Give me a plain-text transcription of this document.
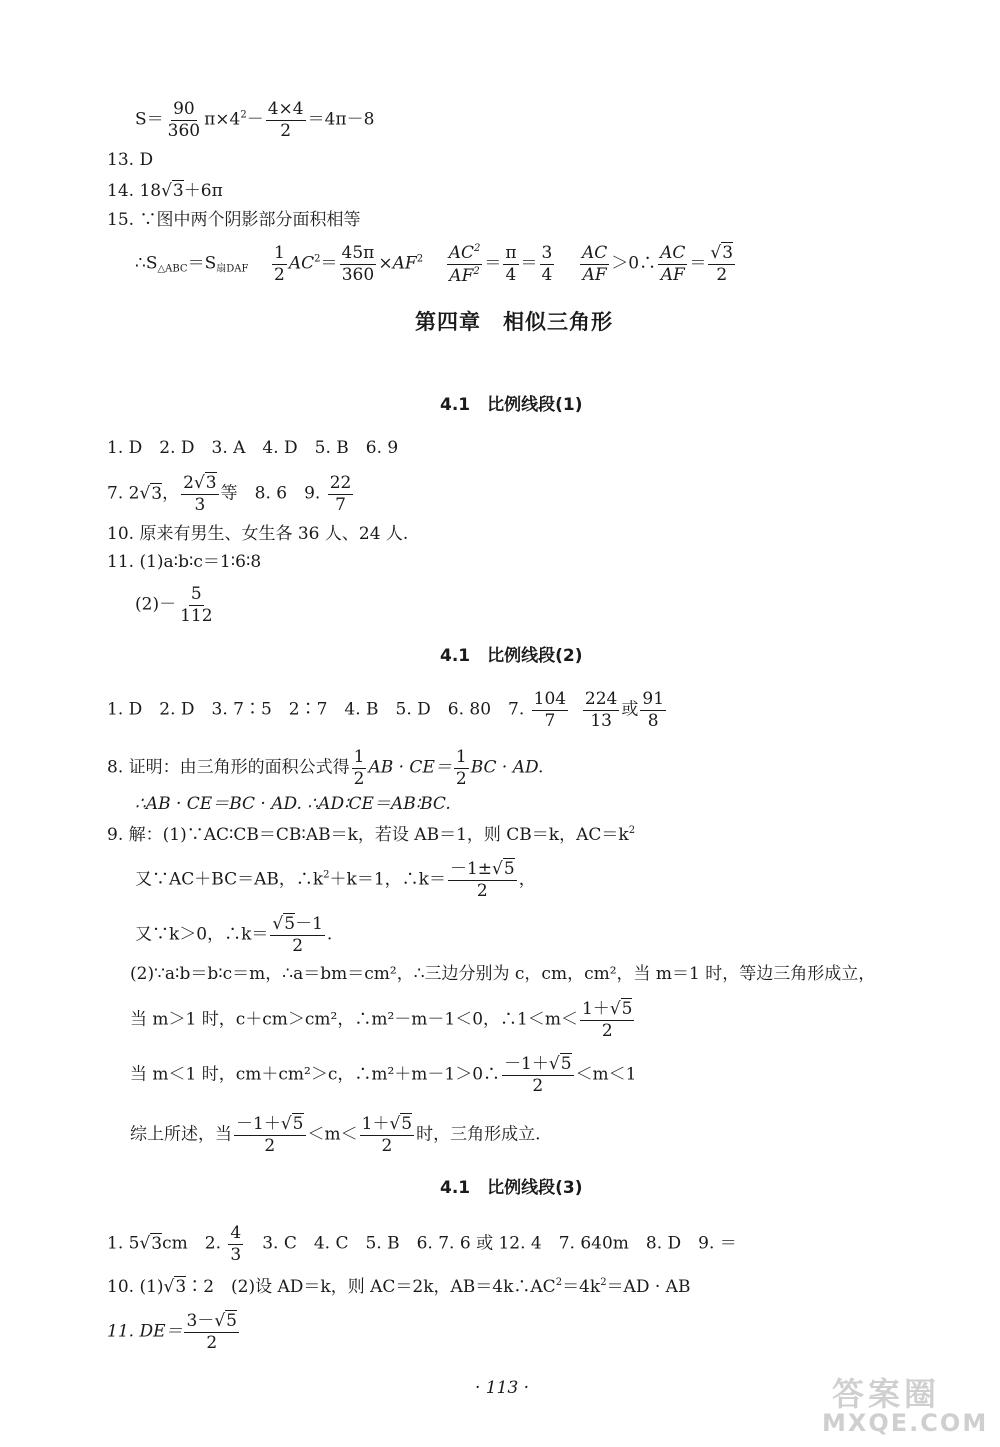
$S= \frac{90}{360} \pi\times 4^2- \frac{4\times 4}{2} =4\pi-8$
13. D
14. 18√3＋6π
15. ∵图中两个阴影部分面积相等
$\therefore S_{\triangle ABC}=S_{扇DAF} \frac{1}{2} AC^2= \frac{45\pi}{360} \times AF^2 \frac{AC^2}{AF^2} = \frac{\pi}{4} = \frac{3}{4}$
$\frac{AC}{AF}$ ＞0∴ $\frac{AC}{AF} = \frac{√3}{2}$
第四章　相似三角形
4.1　比例线段(1)
1. D　2. D　3. A　4. D　5. B　6. 9
7. 2√3， $\frac{2√3}{3}$ 等　8. 6　9. $\frac{22}{7}$
10. 原来有男生、女生各 36 人、24 人.
11. (1)a∶b∶c＝1∶6∶8
$(2)- \frac{5}{112}$
4.1　比例线段(2)
1. D　2. D　3. 7∶5　2∶7　4. B　5. D　6. 80　7. $\frac{104}{7}$
$\frac{224}{13}$ 或 $\frac{91}{8}$
8. 证明：由三角形的面积公式得 $\frac{1}{2}$ AB · $CE= \frac{1}{2}$ BC · AD.
∴AB · CE＝BC · AD. ∴AD∶CE＝AB∶BC.
9. 解：(1)∵AC∶CB＝CB∶AB＝k，若设 AB＝1，则 CB＝k，$AC=k^2$
又∵AC＋BC＝AB，$\therefore k^2+k=1$，∴k＝ $\frac{-1\pm√5}{2}$ ，
又∵k＞0，∴k＝ $\frac{√5-1}{2}$ .
(2)∵a∶b＝b∶c＝m，∴a＝bm＝cm²，∴三边分别为 c，cm，cm²，当 m＝1 时，等边三角形成立，
当 m＞1 时，c＋cm＞cm²，∴m²－m－1＜0，∴1＜m＜ $\frac{1+√5}{2}$
当 m＜1 时，cm＋cm²＞c，∴m²＋m－1＞0∴ $\frac{-1+√5}{2} <m<1$
综上所述，当 $\frac{-1+√5}{2} <m< \frac{1+√5}{2}$ 时，三角形成立.
4.1　比例线段(3)
1. 5√3cm　2. $\frac{4}{3}$ 　3. C　4. C　5. B　6. 7. 6 或 12. 4　7. 640m　8. D　9. ＝
10. (1)√3∶2　(2)设 AD＝k，则 AC＝2k，$AB=4k\therefore AC^2=4k^2=AD$ · AB
11. $DE= \frac{3-√5}{2}$
· 113 ·	答案圈
MXQE.COM
